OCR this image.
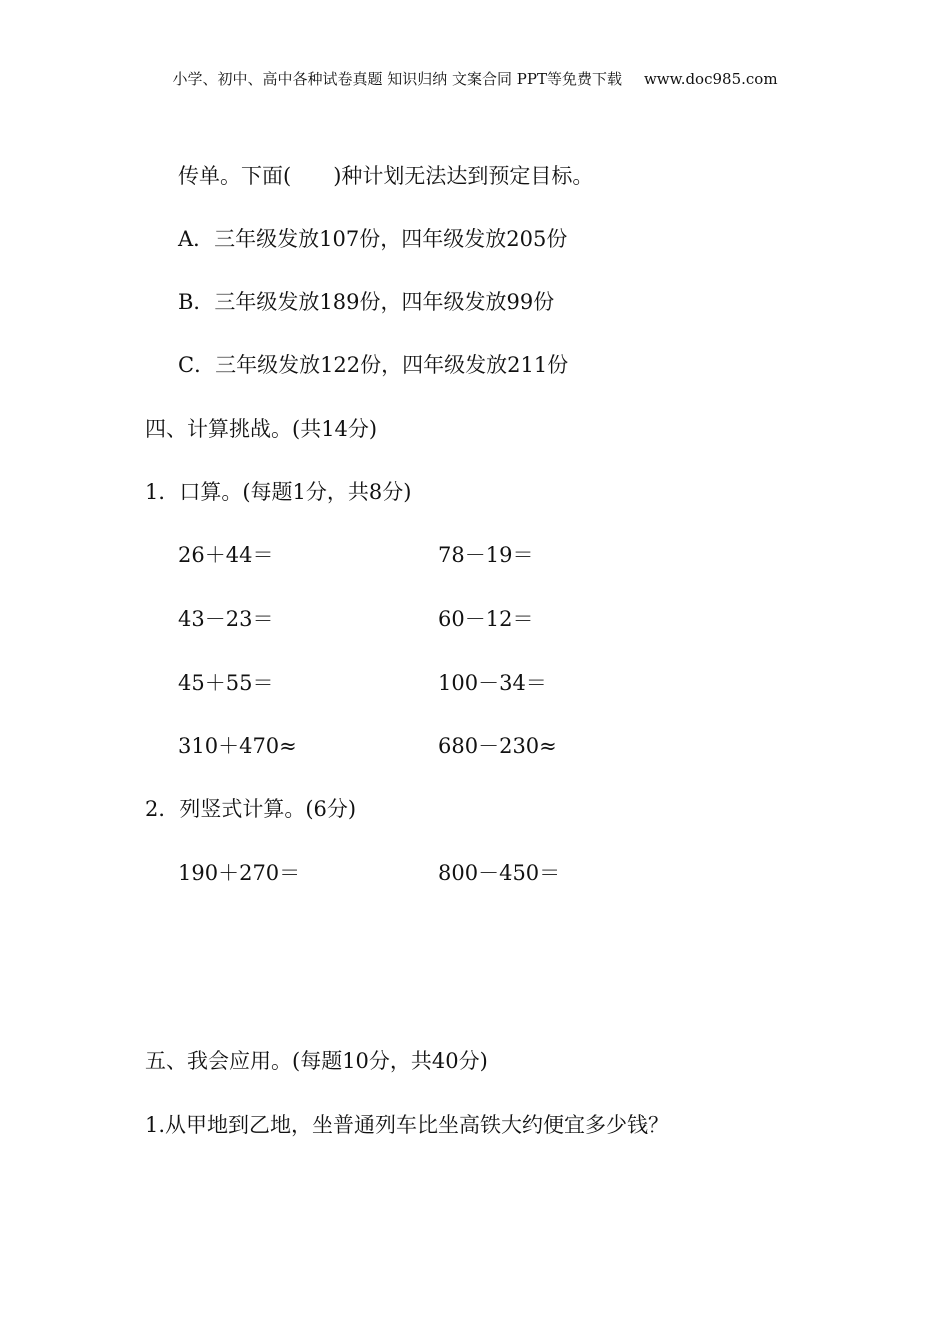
小学、初中、高中各种试卷真题 知识归纳 文案合同 PPT等免费下载 www.doc985.com
传单。下面( )种计划无法达到预定目标。
A．三年级发放107份，四年级发放205份
B．三年级发放189份，四年级发放99份
C．三年级发放122份，四年级发放211份
四、计算挑战。(共14分)
1．口算。(每题1分，共8分)
26＋44＝	78－19＝
43－23＝	60－12＝
45＋55＝	100－34＝
310＋470≈	680－230≈
2．列竖式计算。(6分)
190＋270＝	800－450＝
五、我会应用。(每题10分，共40分)
1.从甲地到乙地，坐普通列车比坐高铁大约便宜多少钱？
